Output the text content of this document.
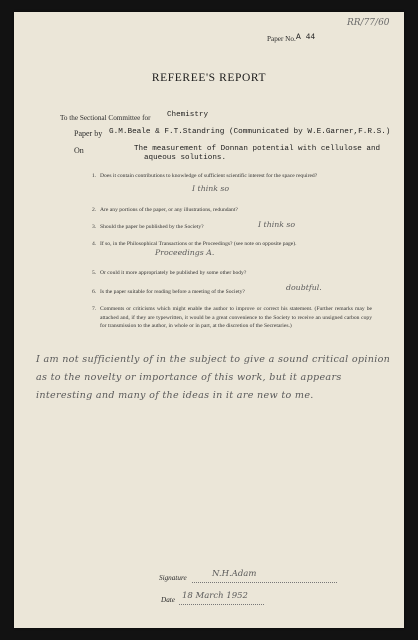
RR/77/60
Paper No. A 44
REFEREE'S REPORT
To the Sectional Committee for Chemistry
Paper by G.M.Beale & F.T.Standring (Communicated by W.E.Garner,F.R.S.)
On	The measurement of Donnan potential with cellulose and
aqueous solutions.
1. Does it contain contributions to knowledge of sufficient scientific interest for the space required?
I think so
2. Are any portions of the paper, or any illustrations, redundant?
3. Should the paper be published by the Society?	I think so
4. If so, in the Philosophical Transactions or the Proceedings? (see note on opposite page).
Proceedings A.
5. Or could it more appropriately be published by some other body?
6. Is the paper suitable for reading before a meeting of the Society?	doubtful.
7. Comments or criticisms which might enable the author to improve or correct his statement. (Further remarks may be attached and, if they are typewritten, it would be a great convenience to the Society to receive an unsigned carbon copy for transmission to the author, in whole or in part, at the discretion of the Secretaries.)
I am not sufficiently of in the subject to give a sound critical opinion as to the novelty or importance of this work, but it appears interesting and many of the ideas in it are new to me.
Signature	N.H.Adam
Date 18 March 1952
